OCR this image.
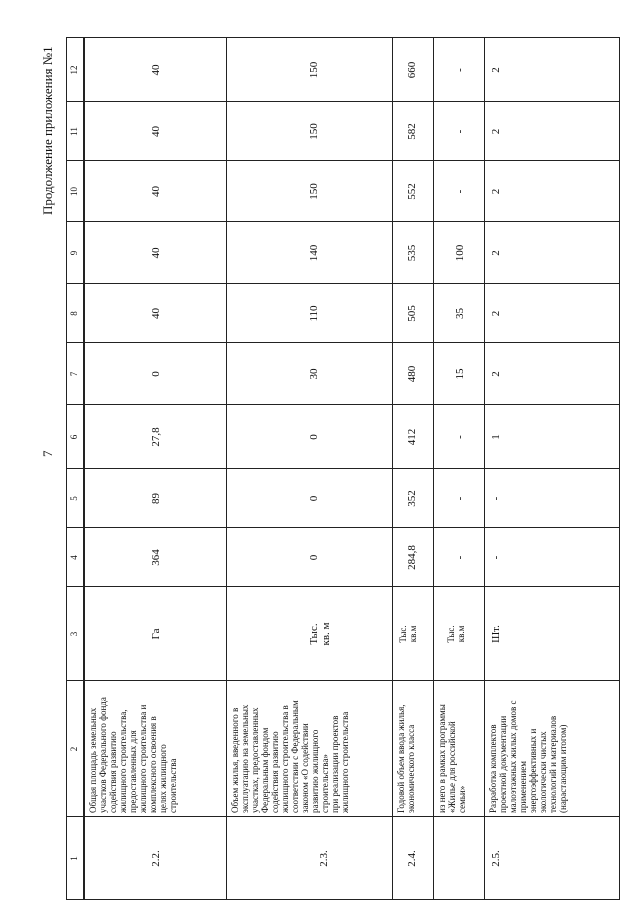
7
Продолжение приложения №1
1
2
3
4
5
6
7
8
9
10
11
12
2.2.
Общая площадь земельных
участков Федерального фонда
содействия развитию
жилищного строительства,
предоставленных для
жилищного строительства и
комплексного освоения в
целях жилищного
строительства
Га
364
89
27,8
0
40
40
40
40
40
2.3.
Объем жилья, введенного в
эксплуатацию на земельных
участках, предоставленных
Федеральным фондом
содействия развитию
жилищного строительства в
соответствии с Федеральным
законом «О содействии
развитию жилищного
строительства»
при реализации проектов
жилищного строительства
Тыс.
кв. м
0
0
0
30
110
140
150
150
150
2.4.
Годовой объем ввода жилья,
экономического класса
Тыс.
кв.м
284,8
352
412
480
505
535
552
582
660
из него в рамках программы
«Жилье для российской
семьи»
Тыс.
кв.м
-
-
-
15
35
100
-
-
-
2.5.
Разработка комплектов
проектной документации
малоэтажных жилых домов с
применением
энергоэффективных и
экологически чистых
технологий и материалов
(нарастающим итогом)
Шт.
-
-
1
2
2
2
2
2
2
